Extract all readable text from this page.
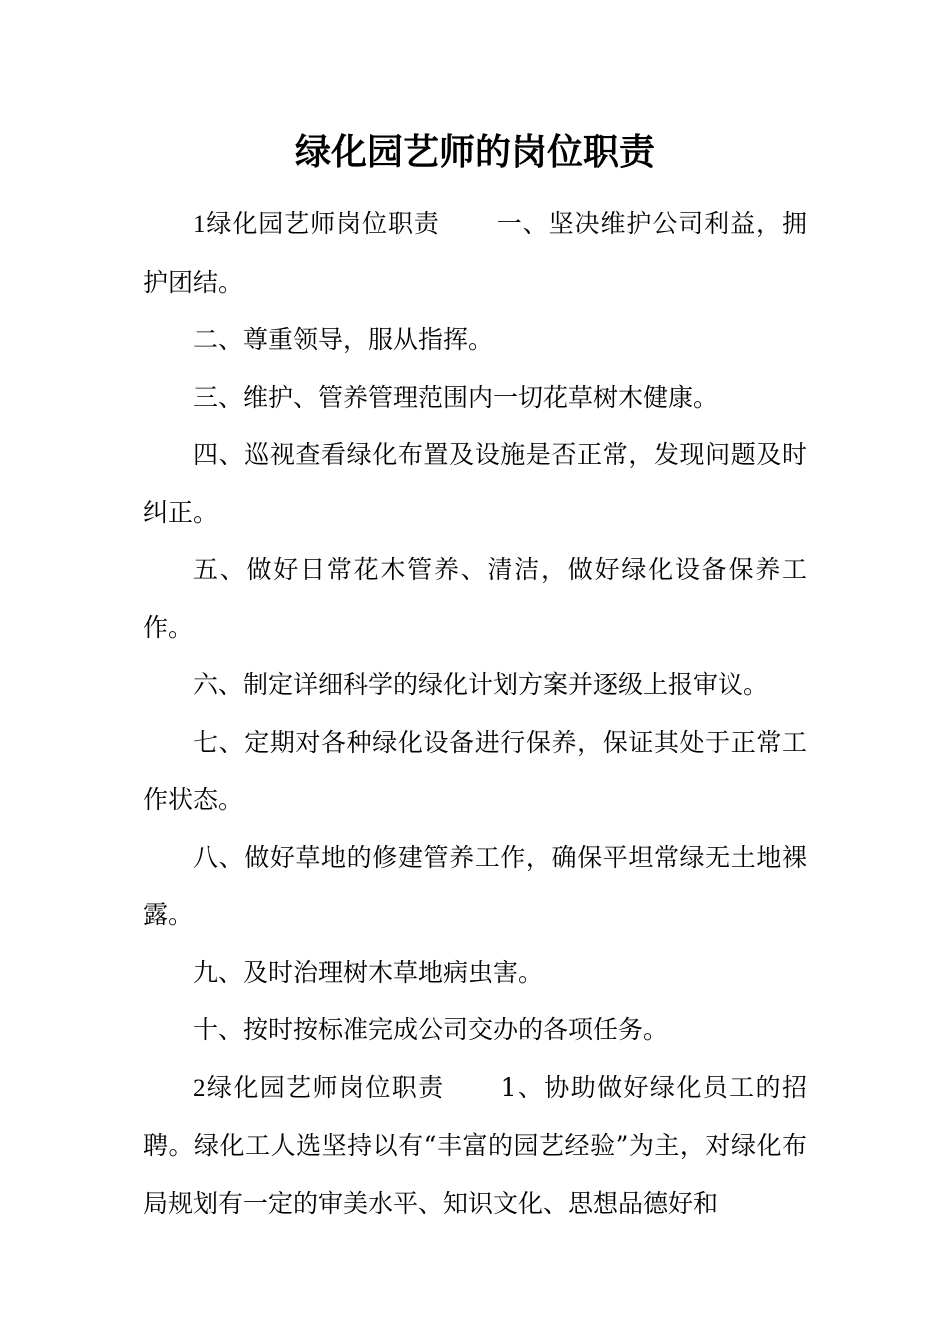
绿化园艺师的岗位职责

1绿化园艺师岗位职责 一、坚决维护公司利益，拥护团结。

二、尊重领导，服从指挥。

三、维护、管养管理范围内一切花草树木健康。

四、巡视查看绿化布置及设施是否正常，发现问题及时纠正。

五、做好日常花木管养、清洁，做好绿化设备保养工作。

六、制定详细科学的绿化计划方案并逐级上报审议。

七、定期对各种绿化设备进行保养，保证其处于正常工作状态。

八、做好草地的修建管养工作，确保平坦常绿无土地裸露。

九、及时治理树木草地病虫害。

十、按时按标准完成公司交办的各项任务。

2绿化园艺师岗位职责 1、协助做好绿化员工的招聘。绿化工人选坚持以有“丰富的园艺经验”为主，对绿化布局规划有一定的审美水平、知识文化、思想品德好和
